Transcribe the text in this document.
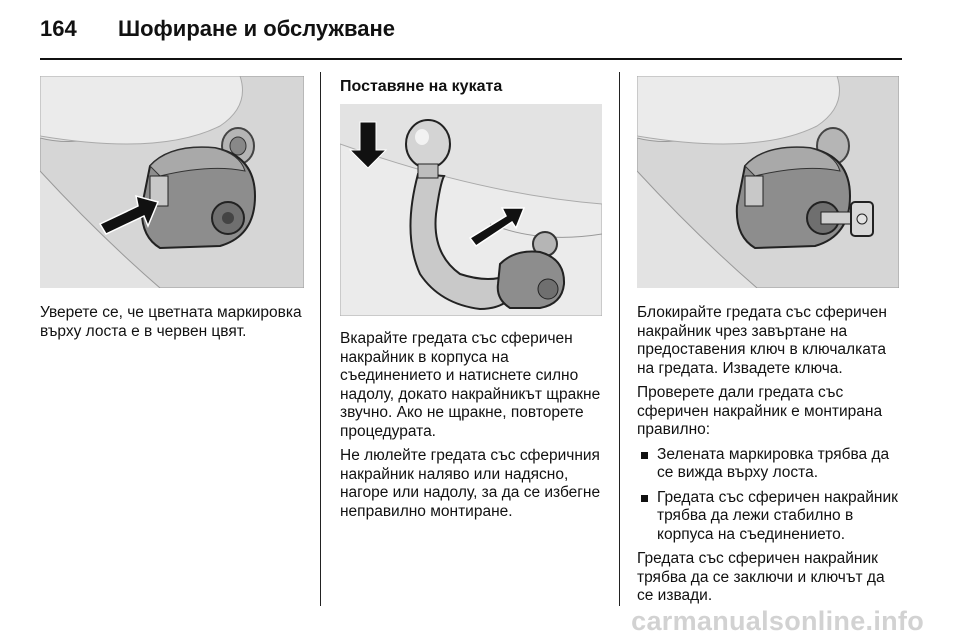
164	Шофиране и обслужване

Уверете се, че цветната маркировка върху лоста е в червен цвят.

Поставяне на куката

Вкарайте гредата със сферичен накрайник в корпуса на съединението и натиснете силно надолу, докато накрайникът щракне звучно. Ако не щракне, повторете процедурата.

Не люлейте гредата със сферичния накрайник наляво или надясно, нагоре или надолу, за да се избегне неправилно монтиране.

Блокирайте гредата със сферичен накрайник чрез завъртане на предоставения ключ в ключалката на гредата. Извадете ключа.

Проверете дали гредата със сферичен накрайник е монтирана правилно:

Зелената маркировка трябва да се вижда върху лоста.
Гредата със сферичен накрайник трябва да лежи стабилно в корпуса на съединението.

Гредата със сферичен накрайник трябва да се заключи и ключът да се извади.

carmanualsonline.info
